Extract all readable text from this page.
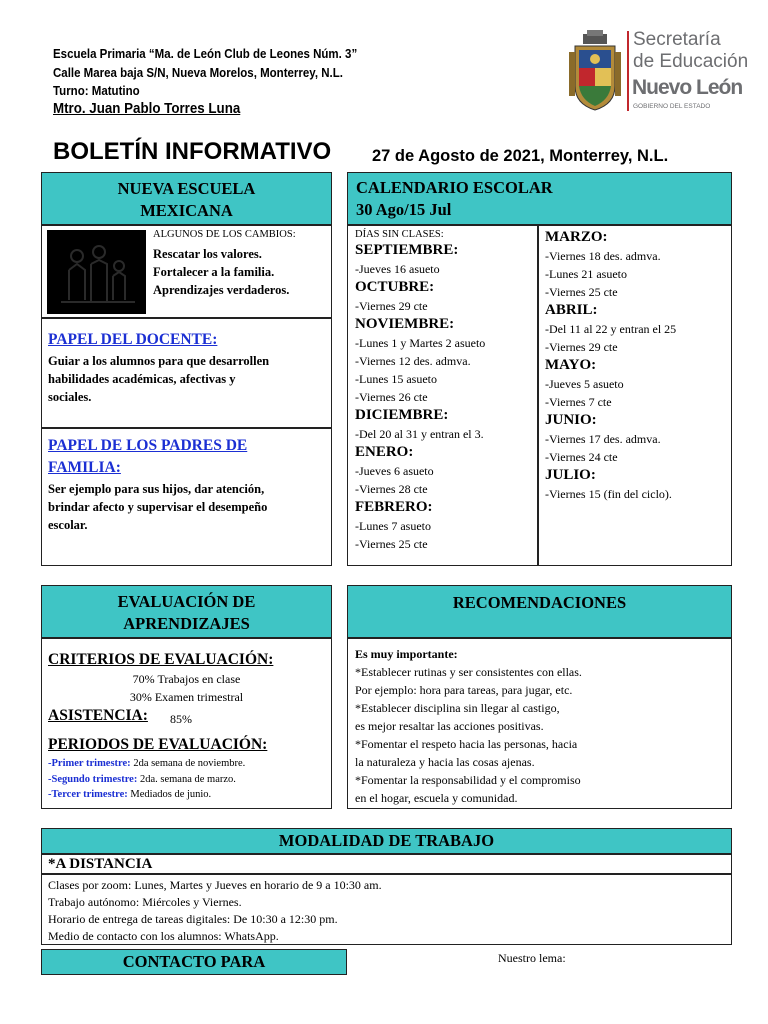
Escuela Primaria “Ma. de León Club de Leones Núm. 3”
Calle Marea baja S/N, Nueva Morelos, Monterrey, N.L.
Turno: Matutino
Mtro. Juan Pablo Torres Luna
Secretaría
de Educación
Nuevo León
GOBIERNO DEL ESTADO
BOLETÍN INFORMATIVO 27 de Agosto de 2021, Monterrey, N.L.
NUEVA ESCUELA
MEXICANA
ALGUNOS DE LOS CAMBIOS:
Rescatar los valores.
Fortalecer a la familia.
Aprendizajes verdaderos.
PAPEL DEL DOCENTE:
Guiar a los alumnos para que desarrollen
habilidades académicas, afectivas y
sociales.
PAPEL DE LOS PADRES DE
FAMILIA:
Ser ejemplo para sus hijos, dar atención,
brindar afecto y supervisar el desempeño
escolar.
CALENDARIO ESCOLAR
30 Ago/15 Jul
DÍAS SIN CLASES:
SEPTIEMBRE:
-Jueves 16 asueto
OCTUBRE:
-Viernes 29 cte
NOVIEMBRE:
-Lunes 1 y Martes 2 asueto
-Viernes 12 des. admva.
-Lunes 15 asueto
-Viernes 26 cte
DICIEMBRE:
-Del 20 al 31 y entran el 3.
ENERO:
-Jueves 6 asueto
-Viernes 28 cte
FEBRERO:
-Lunes 7 asueto
-Viernes 25 cte
MARZO:
-Viernes 18 des. admva.
-Lunes 21 asueto
-Viernes 25 cte
ABRIL:
-Del 11 al 22 y entran el 25
-Viernes 29 cte
MAYO:
-Jueves 5 asueto
-Viernes 7 cte
JUNIO:
-Viernes 17 des. admva.
-Viernes 24 cte
JULIO:
-Viernes 15 (fin del ciclo).
EVALUACIÓN DE
APRENDIZAJES
CRITERIOS DE EVALUACIÓN:
70% Trabajos en clase
30% Examen trimestral
ASISTENCIA: 85%
PERIODOS DE EVALUACIÓN:
-Primer trimestre: 2da semana de noviembre.
-Segundo trimestre: 2da. semana de marzo.
-Tercer trimestre: Mediados de junio.
RECOMENDACIONES
Es muy importante:
*Establecer rutinas y ser consistentes con ellas.
Por ejemplo: hora para tareas, para jugar, etc.
*Establecer disciplina sin llegar al castigo,
es mejor resaltar las acciones positivas.
*Fomentar el respeto hacia las personas, hacia
la naturaleza y hacia las cosas ajenas.
*Fomentar la responsabilidad y el compromiso
en el hogar, escuela y comunidad.
MODALIDAD DE TRABAJO
*A DISTANCIA
Clases por zoom: Lunes, Martes y Jueves en horario de 9 a 10:30 am.
Trabajo autónomo: Miércoles y Viernes.
Horario de entrega de tareas digitales: De 10:30 a 12:30 pm.
Medio de contacto con los alumnos: WhatsApp.
CONTACTO PARA	Nuestro lema:
